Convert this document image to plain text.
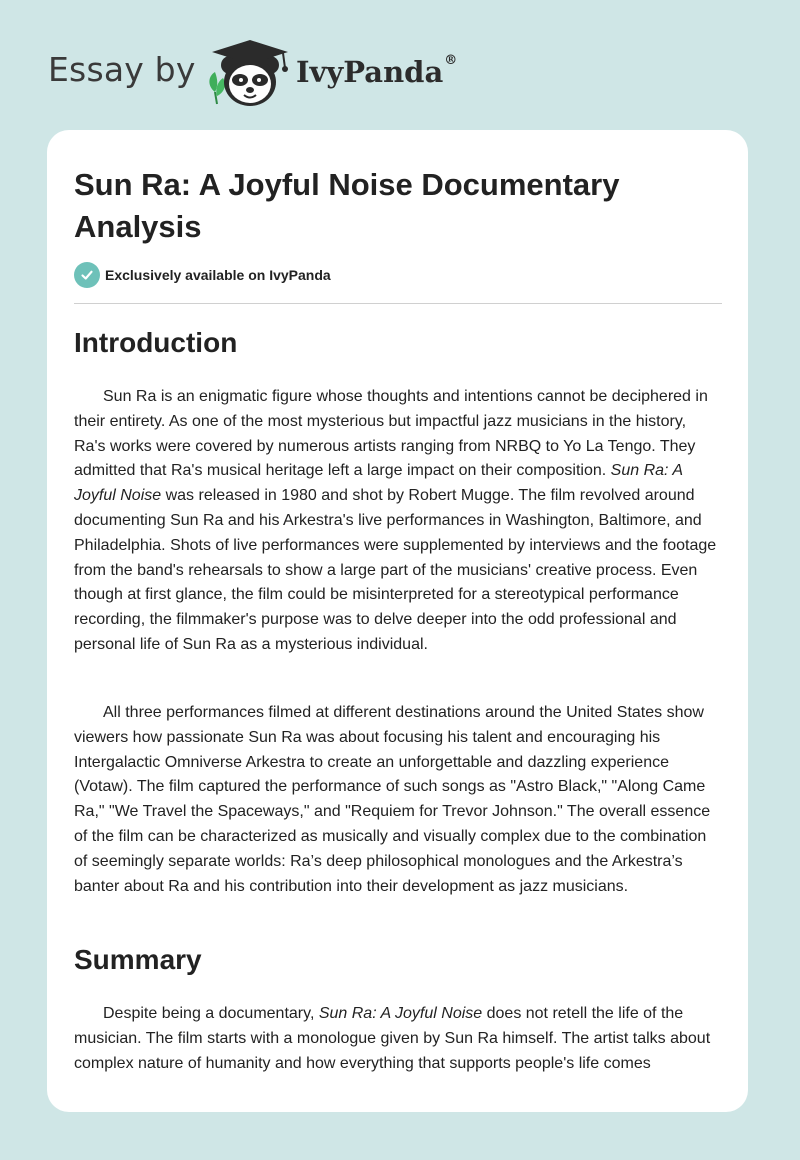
Essay by	IvyPanda®
Sun Ra: A Joyful Noise Documentary Analysis
Exclusively available on IvyPanda
Introduction

Sun Ra is an enigmatic figure whose thoughts and intentions cannot be deciphered in their entirety. As one of the most mysterious but impactful jazz musicians in the history, Ra's works were covered by numerous artists ranging from NRBQ to Yo La Tengo. They admitted that Ra's musical heritage left a large impact on their composition. Sun Ra: A Joyful Noise was released in 1980 and shot by Robert Mugge. The film revolved around documenting Sun Ra and his Arkestra's live performances in Washington, Baltimore, and Philadelphia. Shots of live performances were supplemented by interviews and the footage from the band's rehearsals to show a large part of the musicians' creative process. Even though at first glance, the film could be misinterpreted for a stereotypical performance recording, the filmmaker's purpose was to delve deeper into the odd professional and personal life of Sun Ra as a mysterious individual.

All three performances filmed at different destinations around the United States show viewers how passionate Sun Ra was about focusing his talent and encouraging his Intergalactic Omniverse Arkestra to create an unforgettable and dazzling experience (Votaw). The film captured the performance of such songs as "Astro Black," "Along Came Ra," "We Travel the Spaceways," and "Requiem for Trevor Johnson." The overall essence of the film can be characterized as musically and visually complex due to the combination of seemingly separate worlds: Ra’s deep philosophical monologues and the Arkestra’s banter about Ra and his contribution into their development as jazz musicians.

Summary

Despite being a documentary, Sun Ra: A Joyful Noise does not retell the life of the musician. The film starts with a monologue given by Sun Ra himself. The artist talks about complex nature of humanity and how everything that supports people's life comes
